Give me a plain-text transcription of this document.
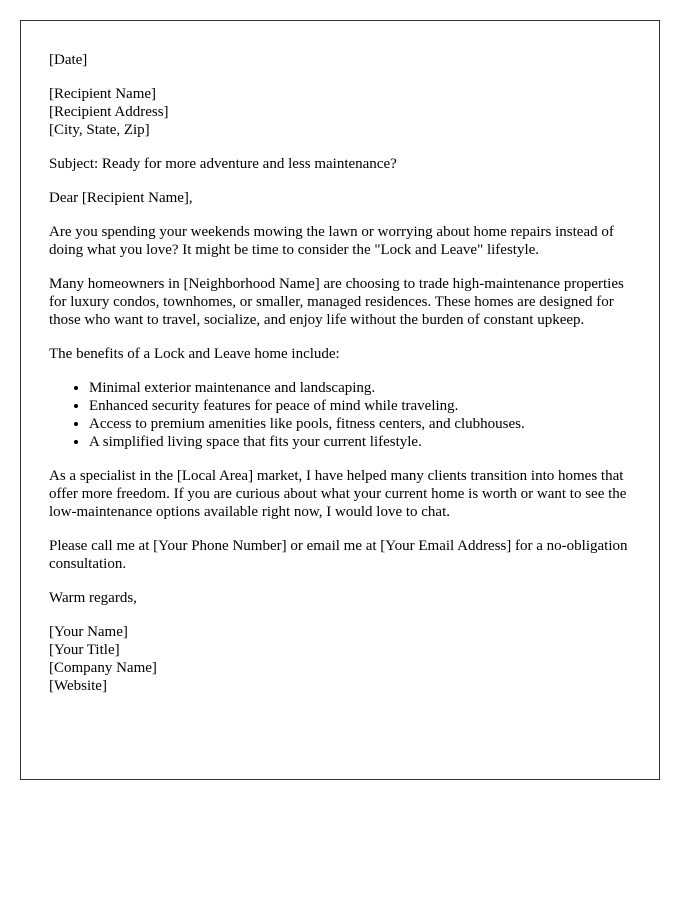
[Date]

[Recipient Name]
[Recipient Address]
[City, State, Zip]

Subject: Ready for more adventure and less maintenance?

Dear [Recipient Name],

Are you spending your weekends mowing the lawn or worrying about home repairs instead of doing what you love? It might be time to consider the "Lock and Leave" lifestyle.

Many homeowners in [Neighborhood Name] are choosing to trade high-maintenance properties for luxury condos, townhomes, or smaller, managed residences. These homes are designed for those who want to travel, socialize, and enjoy life without the burden of constant upkeep.

The benefits of a Lock and Leave home include:

• Minimal exterior maintenance and landscaping.
• Enhanced security features for peace of mind while traveling.
• Access to premium amenities like pools, fitness centers, and clubhouses.
• A simplified living space that fits your current lifestyle.

As a specialist in the [Local Area] market, I have helped many clients transition into homes that offer more freedom. If you are curious about what your current home is worth or want to see the low-maintenance options available right now, I would love to chat.

Please call me at [Your Phone Number] or email me at [Your Email Address] for a no-obligation consultation.

Warm regards,

[Your Name]
[Your Title]
[Company Name]
[Website]
